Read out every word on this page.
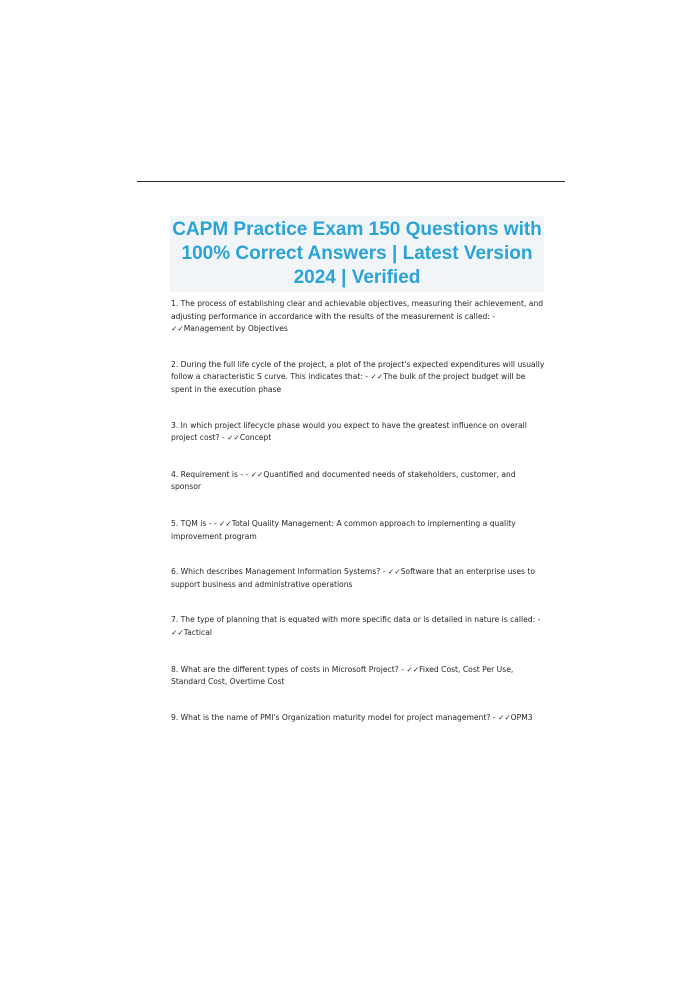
CAPM Practice Exam 150 Questions with
100% Correct Answers | Latest Version
2024 | Verified

1. The process of establishing clear and achievable objectives, measuring their achievement, and adjusting performance in accordance with the results of the measurement is called: - ✓✓Management by Objectives

2. During the full life cycle of the project, a plot of the project's expected expenditures will usually follow a characteristic S curve. This indicates that: - ✓✓The bulk of the project budget will be spent in the execution phase

3. In which project lifecycle phase would you expect to have the greatest influence on overall project cost? - ✓✓Concept

4. Requirement is - - ✓✓Quantified and documented needs of stakeholders, customer, and sponsor

5. TQM is - - ✓✓Total Quality Management: A common approach to implementing a quality improvement program

6. Which describes Management Information Systems? - ✓✓Software that an enterprise uses to support business and administrative operations

7. The type of planning that is equated with more specific data or is detailed in nature is called: - ✓✓Tactical

8. What are the different types of costs in Microsoft Project? - ✓✓Fixed Cost, Cost Per Use, Standard Cost, Overtime Cost

9. What is the name of PMI's Organization maturity model for project management? - ✓✓OPM3
